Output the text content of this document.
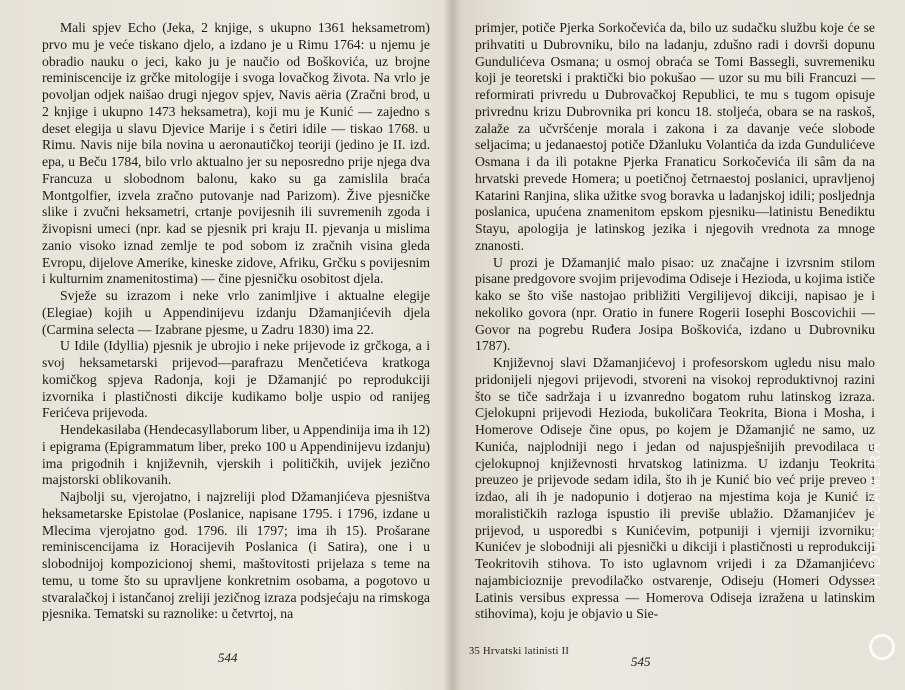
Mali spjev Echo (Jeka, 2 knjige, s ukupno 1361 heksametrom) prvo mu je veće tiskano djelo, a izdano je u Rimu 1764: u njemu je obradio nauku o jeci, kako ju je naučio od Boškovića, uz brojne reminiscencije iz grčke mitologije i svoga lovačkog života. Na vrlo je povoljan odjek naišao drugi njegov spjev, Navis aëria (Zračni brod, u 2 knjige i ukupno 1473 heksametra), koji mu je Kunić — zajedno s deset elegija u slavu Djevice Marije i s četiri idile — tiskao 1768. u Rimu. Navis nije bila novina u aeronautičkoj teoriji (jedino je II. izd. epa, u Beču 1784, bilo vrlo aktualno jer su neposredno prije njega dva Francuza u slobodnom balonu, kako su ga zamislila braća Montgolfier, izvela zračno putovanje nad Parizom). Žive pjesničke slike i zvučni heksametri, crtanje povijesnih ili suvremenih zgoda i živopisni umeci (npr. kad se pjesnik pri kraju II. pjevanja u mislima zanio visoko iznad zemlje te pod sobom iz zračnih visina gleda Evropu, dijelove Amerike, kineske zidove, Afriku, Grčku s povijesnim i kulturnim znamenitostima) — čine pjesničku osobitost djela.

Svježe su izrazom i neke vrlo zanimljive i aktualne elegije (Elegiae) kojih u Appendinijevu izdanju Džamanjićevih djela (Carmina selecta — Izabrane pjesme, u Zadru 1830) ima 22.

U Idile (Idyllia) pjesnik je ubrojio i neke prijevode iz grčkoga, a i svoj heksametarski prijevod—parafrazu Menčetićeva kratkoga komičkog spjeva Radonja, koji je Džamanjić po reprodukciji izvornika i plastičnosti dikcije kudikamo bolje uspio od ranijeg Ferićeva prijevoda.

Hendekasilaba (Hendecasyllaborum liber, u Appendinija ima ih 12) i epigrama (Epigrammatum liber, preko 100 u Appendinijevu izdanju) ima prigodnih i književnih, vjerskih i političkih, uvijek jezično majstorski oblikovanih.

Najbolji su, vjerojatno, i najzreliji plod Džamanjićeva pjesništva heksametarske Epistolae (Poslanice, napisane 1795. i 1796, izdane u Mlecima vjerojatno god. 1796. ili 1797; ima ih 15). Prošarane reminiscencijama iz Horacijevih Poslanica (i Satira), one i u slobodnijoj kompozicionoj shemi, maštovitosti prijelaza s teme na temu, u tome što su upravljene konkretnim osobama, a pogotovo u stvaralačkoj i istančanoj zreliji jezičnog izraza podsjećaju na rimskoga pjesnika. Tematski su raznolike: u četvrtoj, na

544

primjer, potiče Pjerka Sorkočevića da, bilo uz sudačku službu koje će se prihvatiti u Dubrovniku, bilo na ladanju, zdušno radi i dovrši dopunu Gundulićeva Osmana; u osmoj obraća se Tomi Basseglі, suvremeniku koji je teoretski i praktički bio pokušao — uzor su mu bili Francuzi — reformirati privredu u Dubrovačkoj Republici, te mu s tugom opisuje privrednu krizu Dubrovnika pri koncu 18. stoljeća, obara se na raskoš, zalaže za učvršćenje morala i zakona i za davanje veće slobode seljacima; u jedanaestoj potiče Džanluku Volantića da izda Gundulićeve Osmana i da ili potakne Pjerka Franaticu Sorkočevića ili sâm da na hrvatski prevede Homera; u poetičnoj četrnaestoj poslanici, upravljenoj Katarini Ranjina, slika užitke svog boravka u ladanjskoj idili; posljednja poslanica, upućena znamenitom epskom pjesniku—latinistu Benediktu Stayu, apologija je latinskog jezika i njegovih vrednota za mnoge znanosti.

U prozi je Džamanjić malo pisao: uz značajne i izvrsnim stilom pisane predgovore svojim prijevodima Odiseje i Hezioda, u kojima ističe kako se što više nastojao približiti Vergilijevoj dikciji, napisao je i nekoliko govora (npr. Oratio in funere Rogerii Iosephi Boscovichii — Govor na pogrebu Ruđera Josipa Boškovića, izdano u Dubrovniku 1787).

Književnoj slavi Džamanjićevoj i profesorskom ugledu nisu malo pridonijeli njegovi prijevodi, stvoreni na visokoj reproduktivnoj razini što se tiče sadržaja i u izvanredno bogatom ruhu latinskog izraza. Cjelokupni prijevodi Hezioda, bukoličara Teokrita, Biona i Mosha, i Homerove Odiseje čine opus, po kojem je Džamanjić ne samo, uz Kunića, najplodniji nego i jedan od najuspješnijih prevodilaca u cjelokupnoj književnosti hrvatskog latinizma. U izdanju Teokrita preuzeo je prijevode sedam idila, što ih je Kunić bio već prije preveo i izdao, ali ih je nadopunio i dotjerao na mjestima koja je Kunić iz moralističkih razloga ispustio ili previše ublažio. Džamanjićev je prijevod, u usporedbi s Kunićevim, potpuniji i vjerniji izvorniku; Kunićev je slobodniji ali pjesnički u dikciji i plastičnosti u reprodukciji Teokritovih stihova. To isto uglavnom vrijedi i za Džamanjićevo najambicioznije prevodilačko ostvarenje, Odiseju (Homeri Odyssea Latinis versibus expressa — Homerova Odiseja izražena u latinskim stihovima), koju je objavio u Sie-

35 Hrvatski latinisti II
545
AI DUAL CAMERA
